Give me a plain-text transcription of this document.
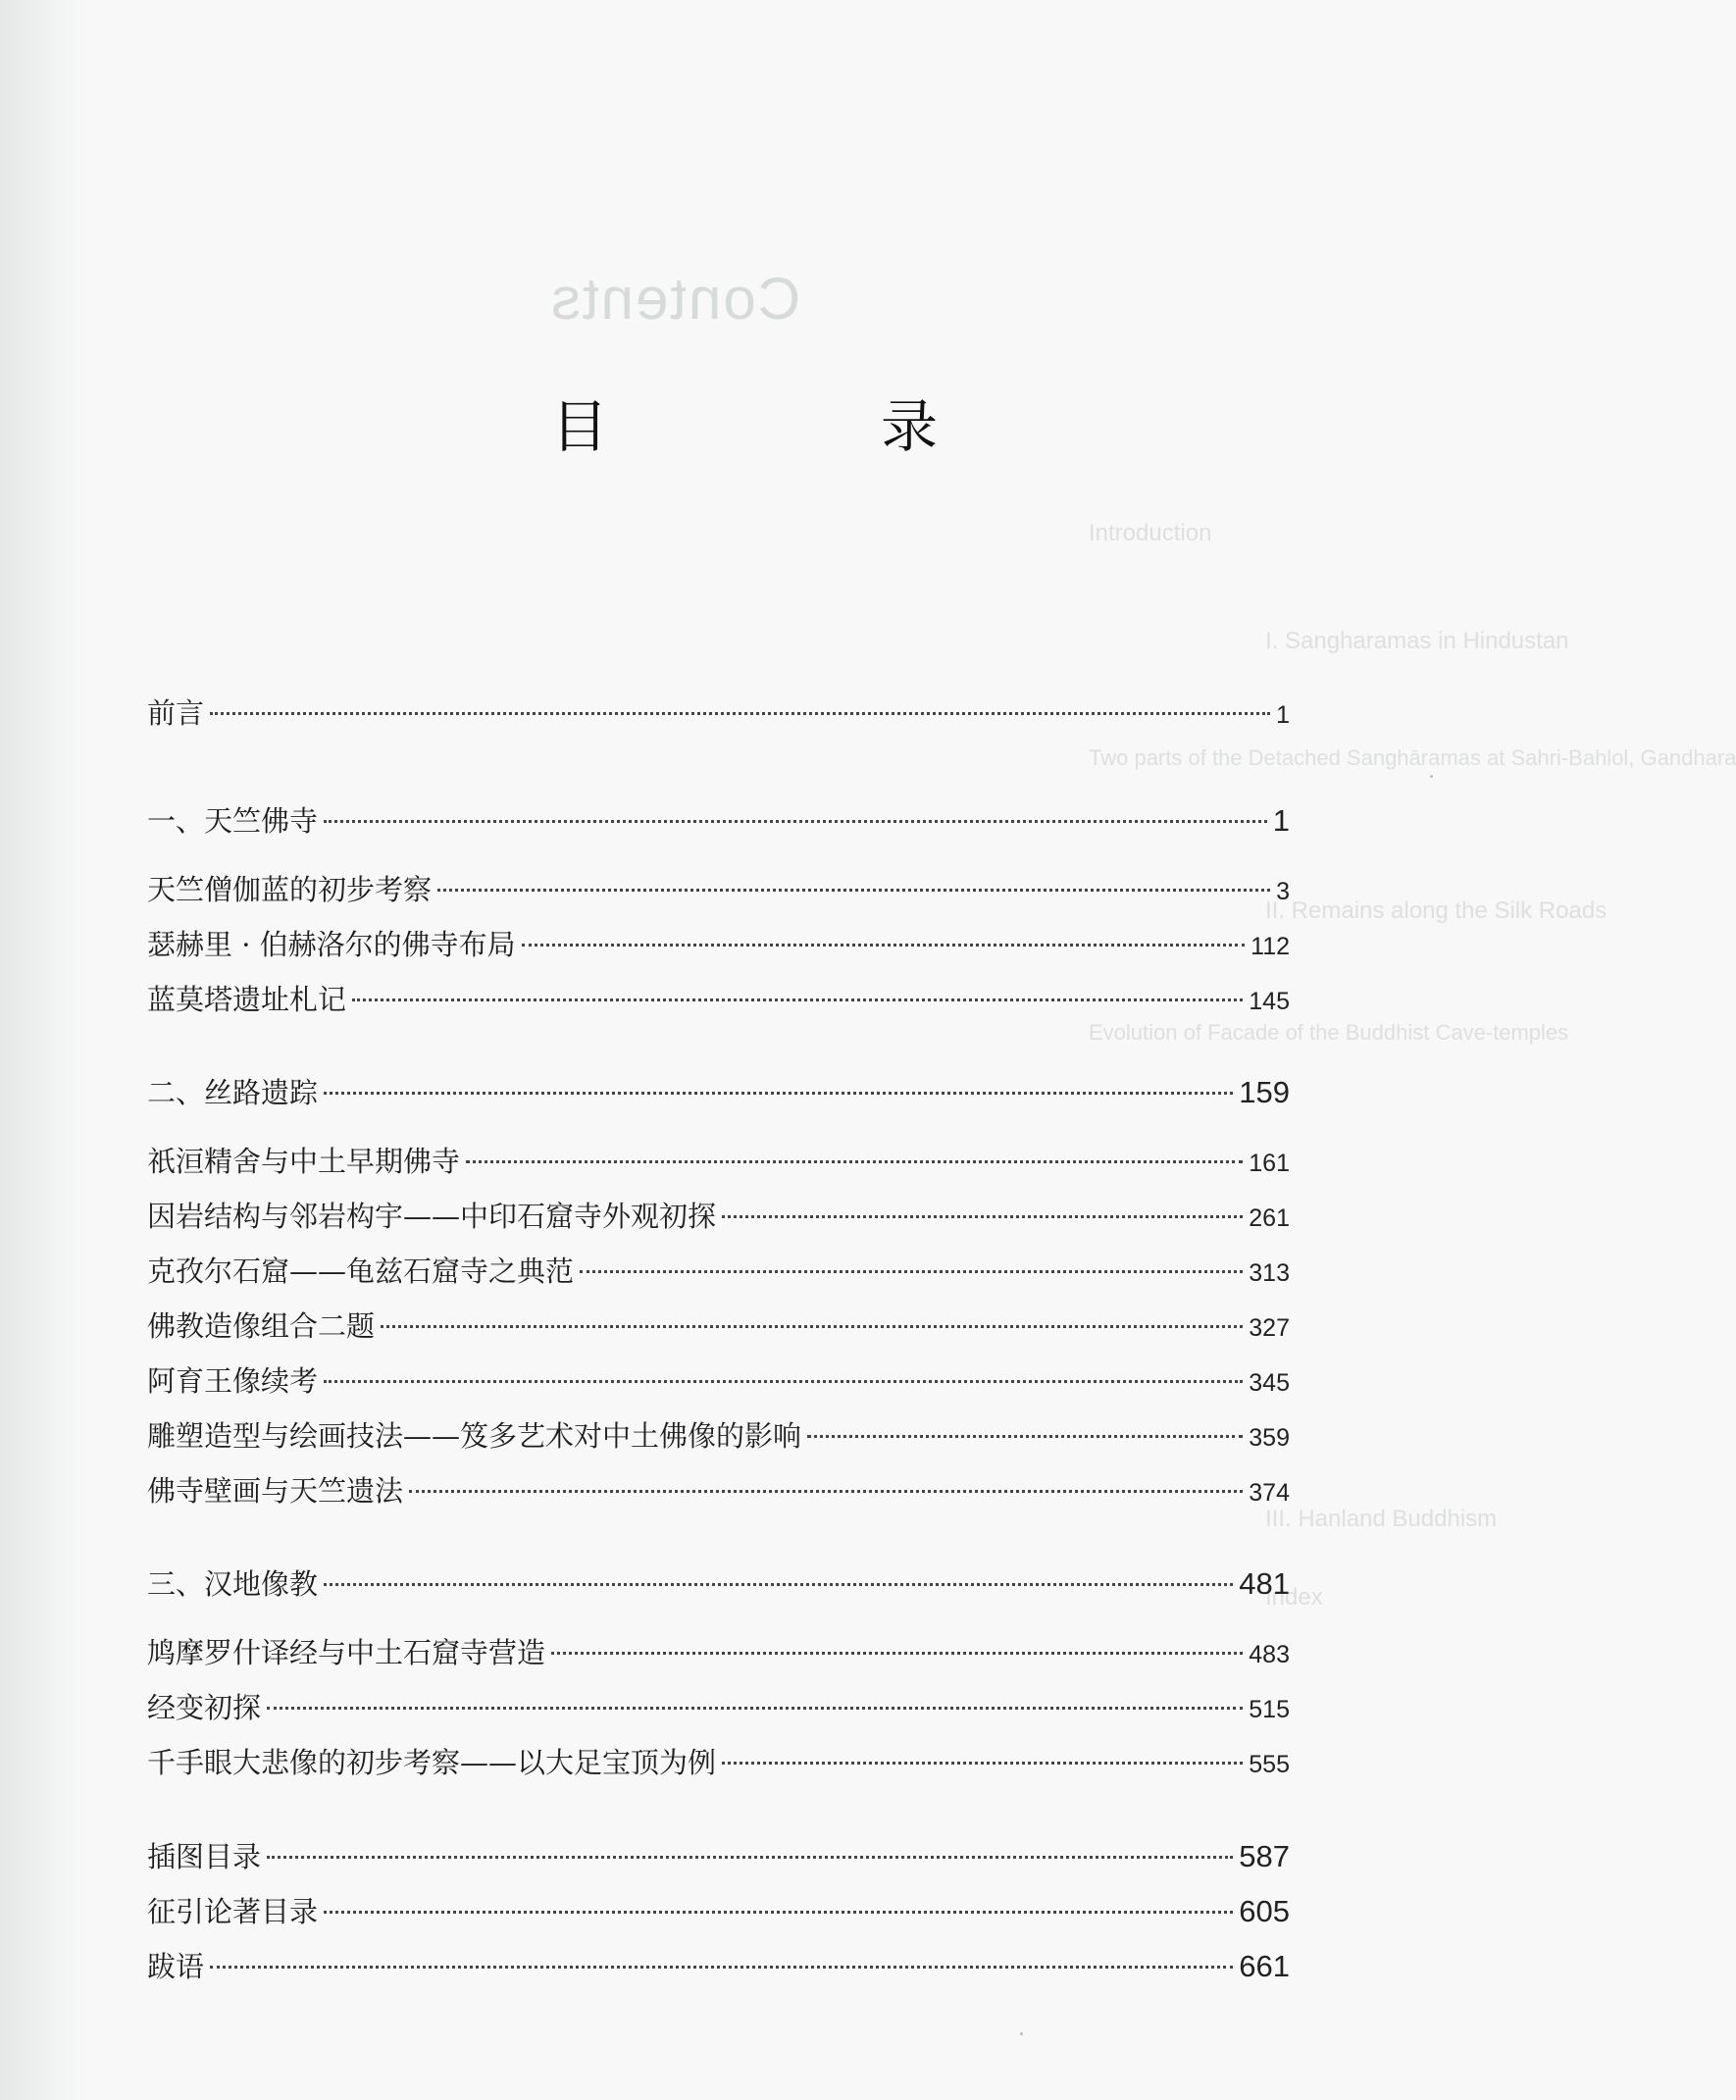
Introduction
I. Sangharamas in Hindustan
Two parts of the Detached Sanghāramas at Sahri-Bahlol, Gandhara
II. Remains along the Silk Roads
Evolution of Facade of the Buddhist Cave-temples
III. Hanland Buddhism
Index
Contents
目　录
前言	1
一、天竺佛寺	1
天竺僧伽蓝的初步考察	3
瑟赫里 · 伯赫洛尔的佛寺布局	112
蓝莫塔遗址札记	145
二、丝路遗踪	159
祇洹精舍与中土早期佛寺	161
因岩结构与邻岩构宇——中印石窟寺外观初探	261
克孜尔石窟——龟兹石窟寺之典范	313
佛教造像组合二题	327
阿育王像续考	345
雕塑造型与绘画技法——笈多艺术对中土佛像的影响	359
佛寺壁画与天竺遗法	374
三、汉地像教	481
鸠摩罗什译经与中土石窟寺营造	483
经变初探	515
千手眼大悲像的初步考察——以大足宝顶为例	555
插图目录	587
征引论著目录	605
跋语	661
